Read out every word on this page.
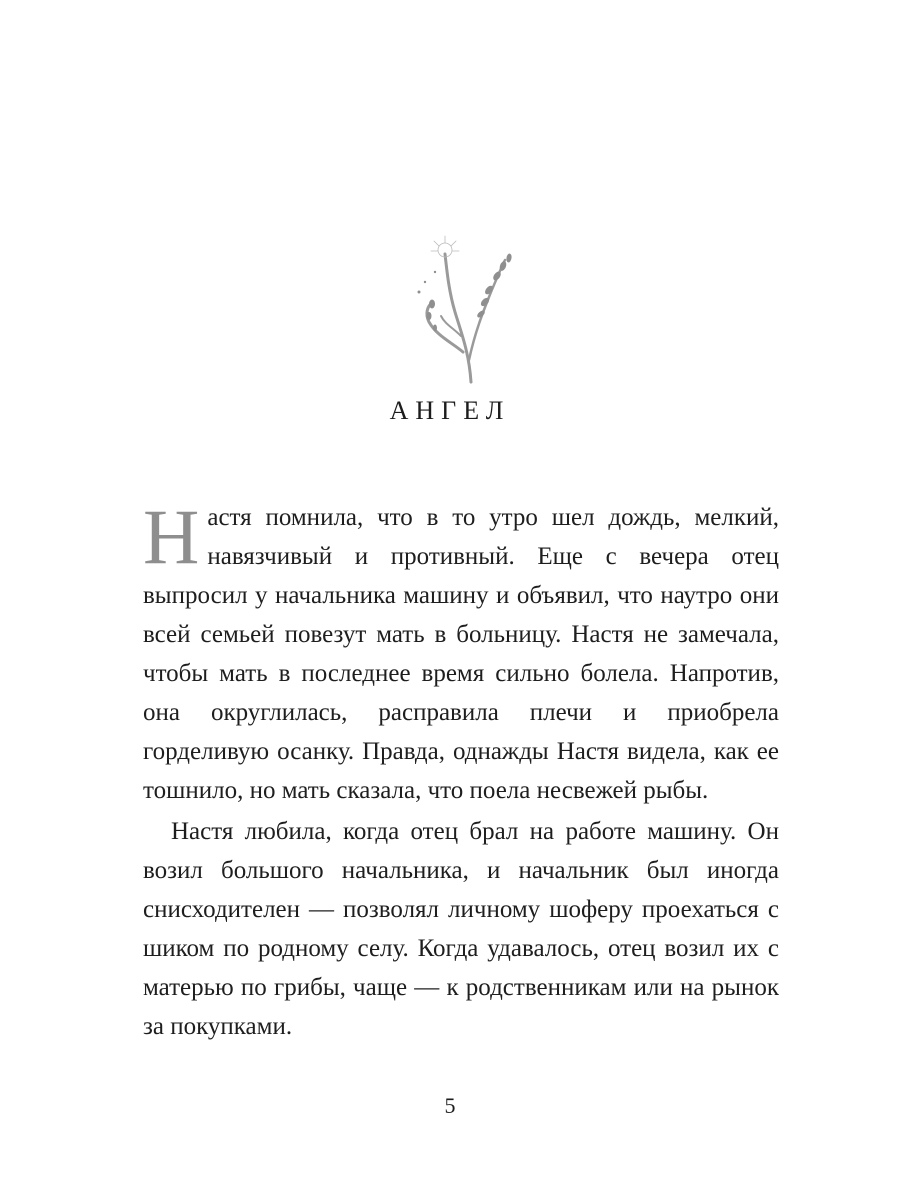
АНГЕЛ

Настя помнила, что в то утро шел дождь, мелкий, навязчивый и противный. Еще с вечера отец выпросил у начальника машину и объявил, что наутро они всей семьей повезут мать в больницу. Настя не замечала, чтобы мать в последнее время сильно болела. Напротив, она округлилась, расправила плечи и приобрела горделивую осанку. Правда, однажды Настя видела, как ее тошнило, но мать сказала, что поела несвежей рыбы.

Настя любила, когда отец брал на работе машину. Он возил большого начальника, и начальник был иногда снисходителен — позволял личному шоферу проехаться с шиком по родному селу. Когда удавалось, отец возил их с матерью по грибы, чаще — к родственникам или на рынок за покупками.

5
